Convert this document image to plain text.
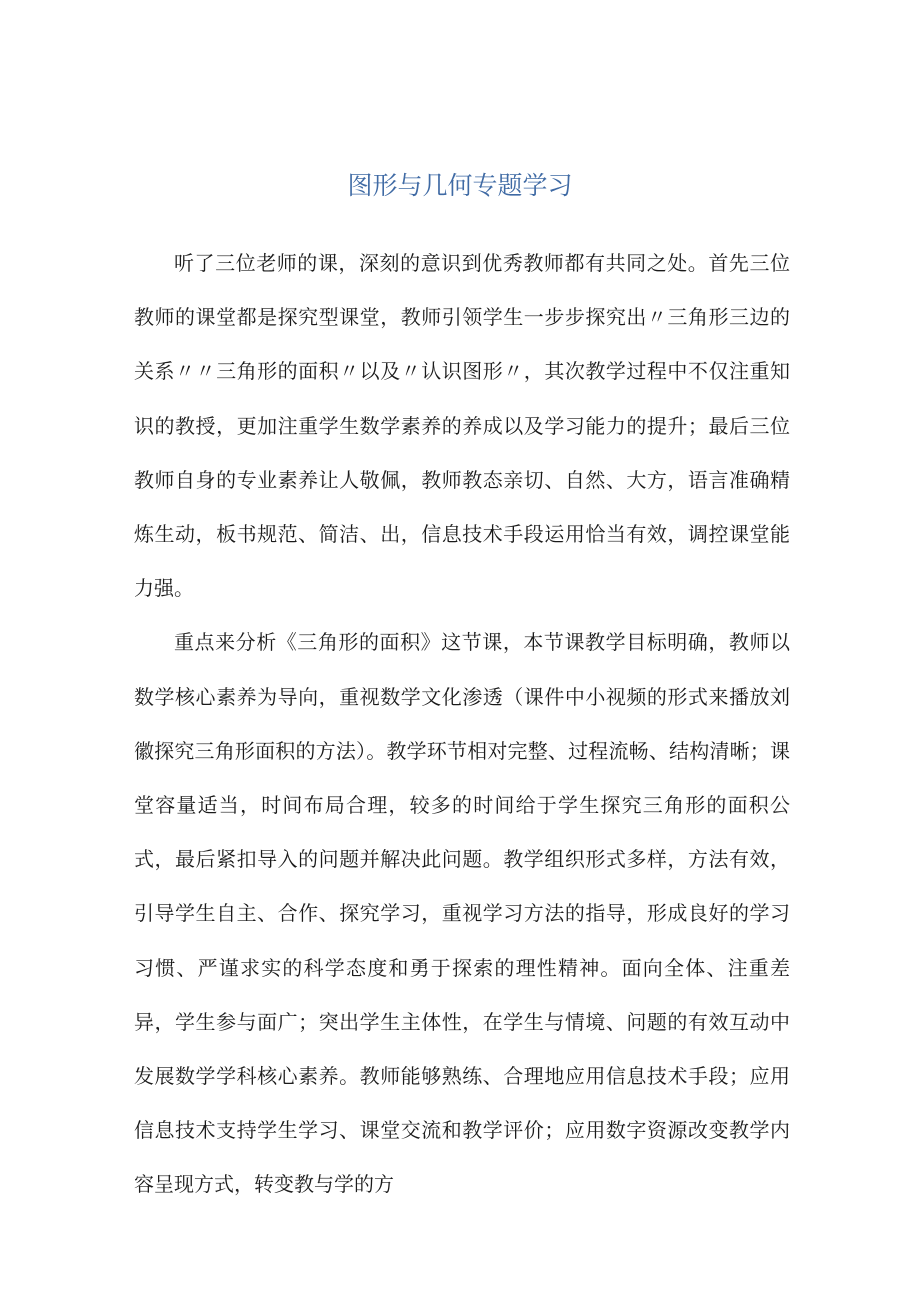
图形与几何专题学习

听了三位老师的课，深刻的意识到优秀教师都有共同之处。首先三位教师的课堂都是探究型课堂，教师引领学生一步步探究出〃三角形三边的关系〃〃三角形的面积〃以及〃认识图形〃，其次教学过程中不仅注重知识的教授，更加注重学生数学素养的养成以及学习能力的提升；最后三位教师自身的专业素养让人敬佩，教师教态亲切、自然、大方，语言准确精炼生动，板书规范、简洁、出，信息技术手段运用恰当有效，调控课堂能力强。

重点来分析《三角形的面积》这节课，本节课教学目标明确，教师以数学核心素养为导向，重视数学文化渗透（课件中小视频的形式来播放刘徽探究三角形面积的方法）。教学环节相对完整、过程流畅、结构清晰；课堂容量适当，时间布局合理，较多的时间给于学生探究三角形的面积公式，最后紧扣导入的问题并解决此问题。教学组织形式多样，方法有效，引导学生自主、合作、探究学习，重视学习方法的指导，形成良好的学习习惯、严谨求实的科学态度和勇于探索的理性精神。面向全体、注重差异，学生参与面广；突出学生主体性，在学生与情境、问题的有效互动中发展数学学科核心素养。教师能够熟练、合理地应用信息技术手段；应用信息技术支持学生学习、课堂交流和教学评价；应用数字资源改变教学内容呈现方式，转变教与学的方
